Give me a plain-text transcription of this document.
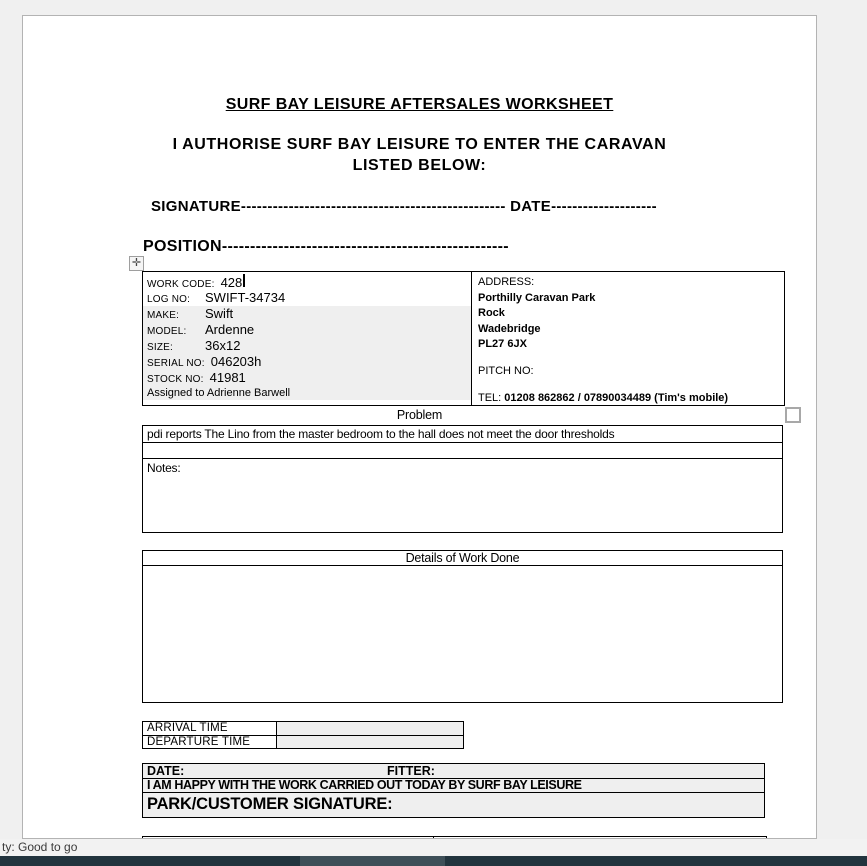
SURF BAY LEISURE AFTERSALES WORKSHEET
I AUTHORISE SURF BAY LEISURE TO ENTER THE CARAVAN
LISTED BELOW:
SIGNATURE-------------------------------------------------- DATE--------------------
POSITION---------------------------------------------------
✛
WORK CODE: 428
LOG NO:	SWIFT-34734
MAKE:	Swift
MODEL:	Ardenne
SIZE:	36x12
SERIAL NO: 046203h
STOCK NO: 41981
Assigned to Adrienne Barwell
ADDRESS:
Porthilly Caravan Park
Rock
Wadebridge
PL27 6JX
PITCH NO:
TEL: 01208 862862 / 07890034489 (Tim's mobile)
Problem
pdi reports The Lino from the master bedroom to the hall does not meet the door thresholds
Notes:
Details of Work Done
ARRIVAL TIME
DEPARTURE TIME
DATE:	FITTER:
I AM HAPPY WITH THE WORK CARRIED OUT TODAY BY SURF BAY LEISURE
PARK/CUSTOMER SIGNATURE:
ty: Good to go
